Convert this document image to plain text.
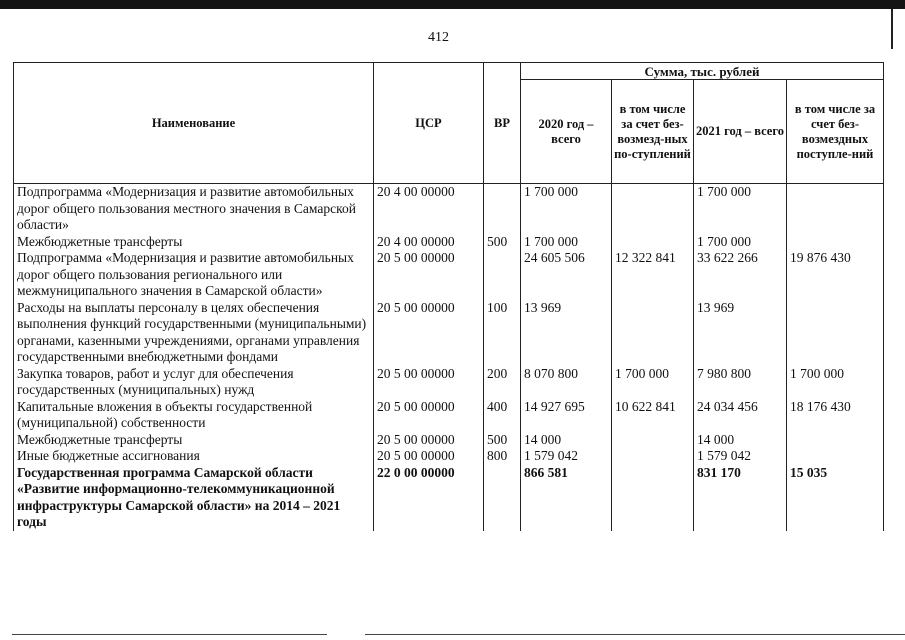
412
Наименование	ЦСР	ВР	Сумма, тыс. рублей			
			2020 год – всего	в том числе за счет без-возмезд-ных по-ступлений	2021 год – всего	в том числе за счет без-возмездных поступле-ний
Подпрограмма «Модернизация и развитие автомобильных дорог общего пользования местного значения в Самарской области»	20 4 00 00000		1 700 000		1 700 000	
Межбюджетные трансферты	20 4 00 00000	500	1 700 000		1 700 000	
Подпрограмма «Модернизация и развитие автомобильных дорог общего пользования регионального или межмуниципального значения в Самарской области»	20 5 00 00000		24 605 506	12 322 841	33 622 266	19 876 430
Расходы на выплаты персоналу в целях обеспечения выполнения функций государственными (муниципальными) органами, казенными учреждениями, органами управления государственными внебюджетными фондами	20 5 00 00000	100	13 969		13 969	
Закупка товаров, работ и услуг для обеспечения государственных (муниципальных) нужд	20 5 00 00000	200	8 070 800	1 700 000	7 980 800	1 700 000
Капитальные вложения в объекты государственной (муниципальной) собственности	20 5 00 00000	400	14 927 695	10 622 841	24 034 456	18 176 430
Межбюджетные трансферты	20 5 00 00000	500	14 000		14 000	
Иные бюджетные ассигнования	20 5 00 00000	800	1 579 042		1 579 042	
Государственная программа Самарской области «Развитие информационно-телекоммуникационной инфраструктуры Самарской области» на 2014 – 2021 годы	22 0 00 00000		866 581		831 170	15 035
